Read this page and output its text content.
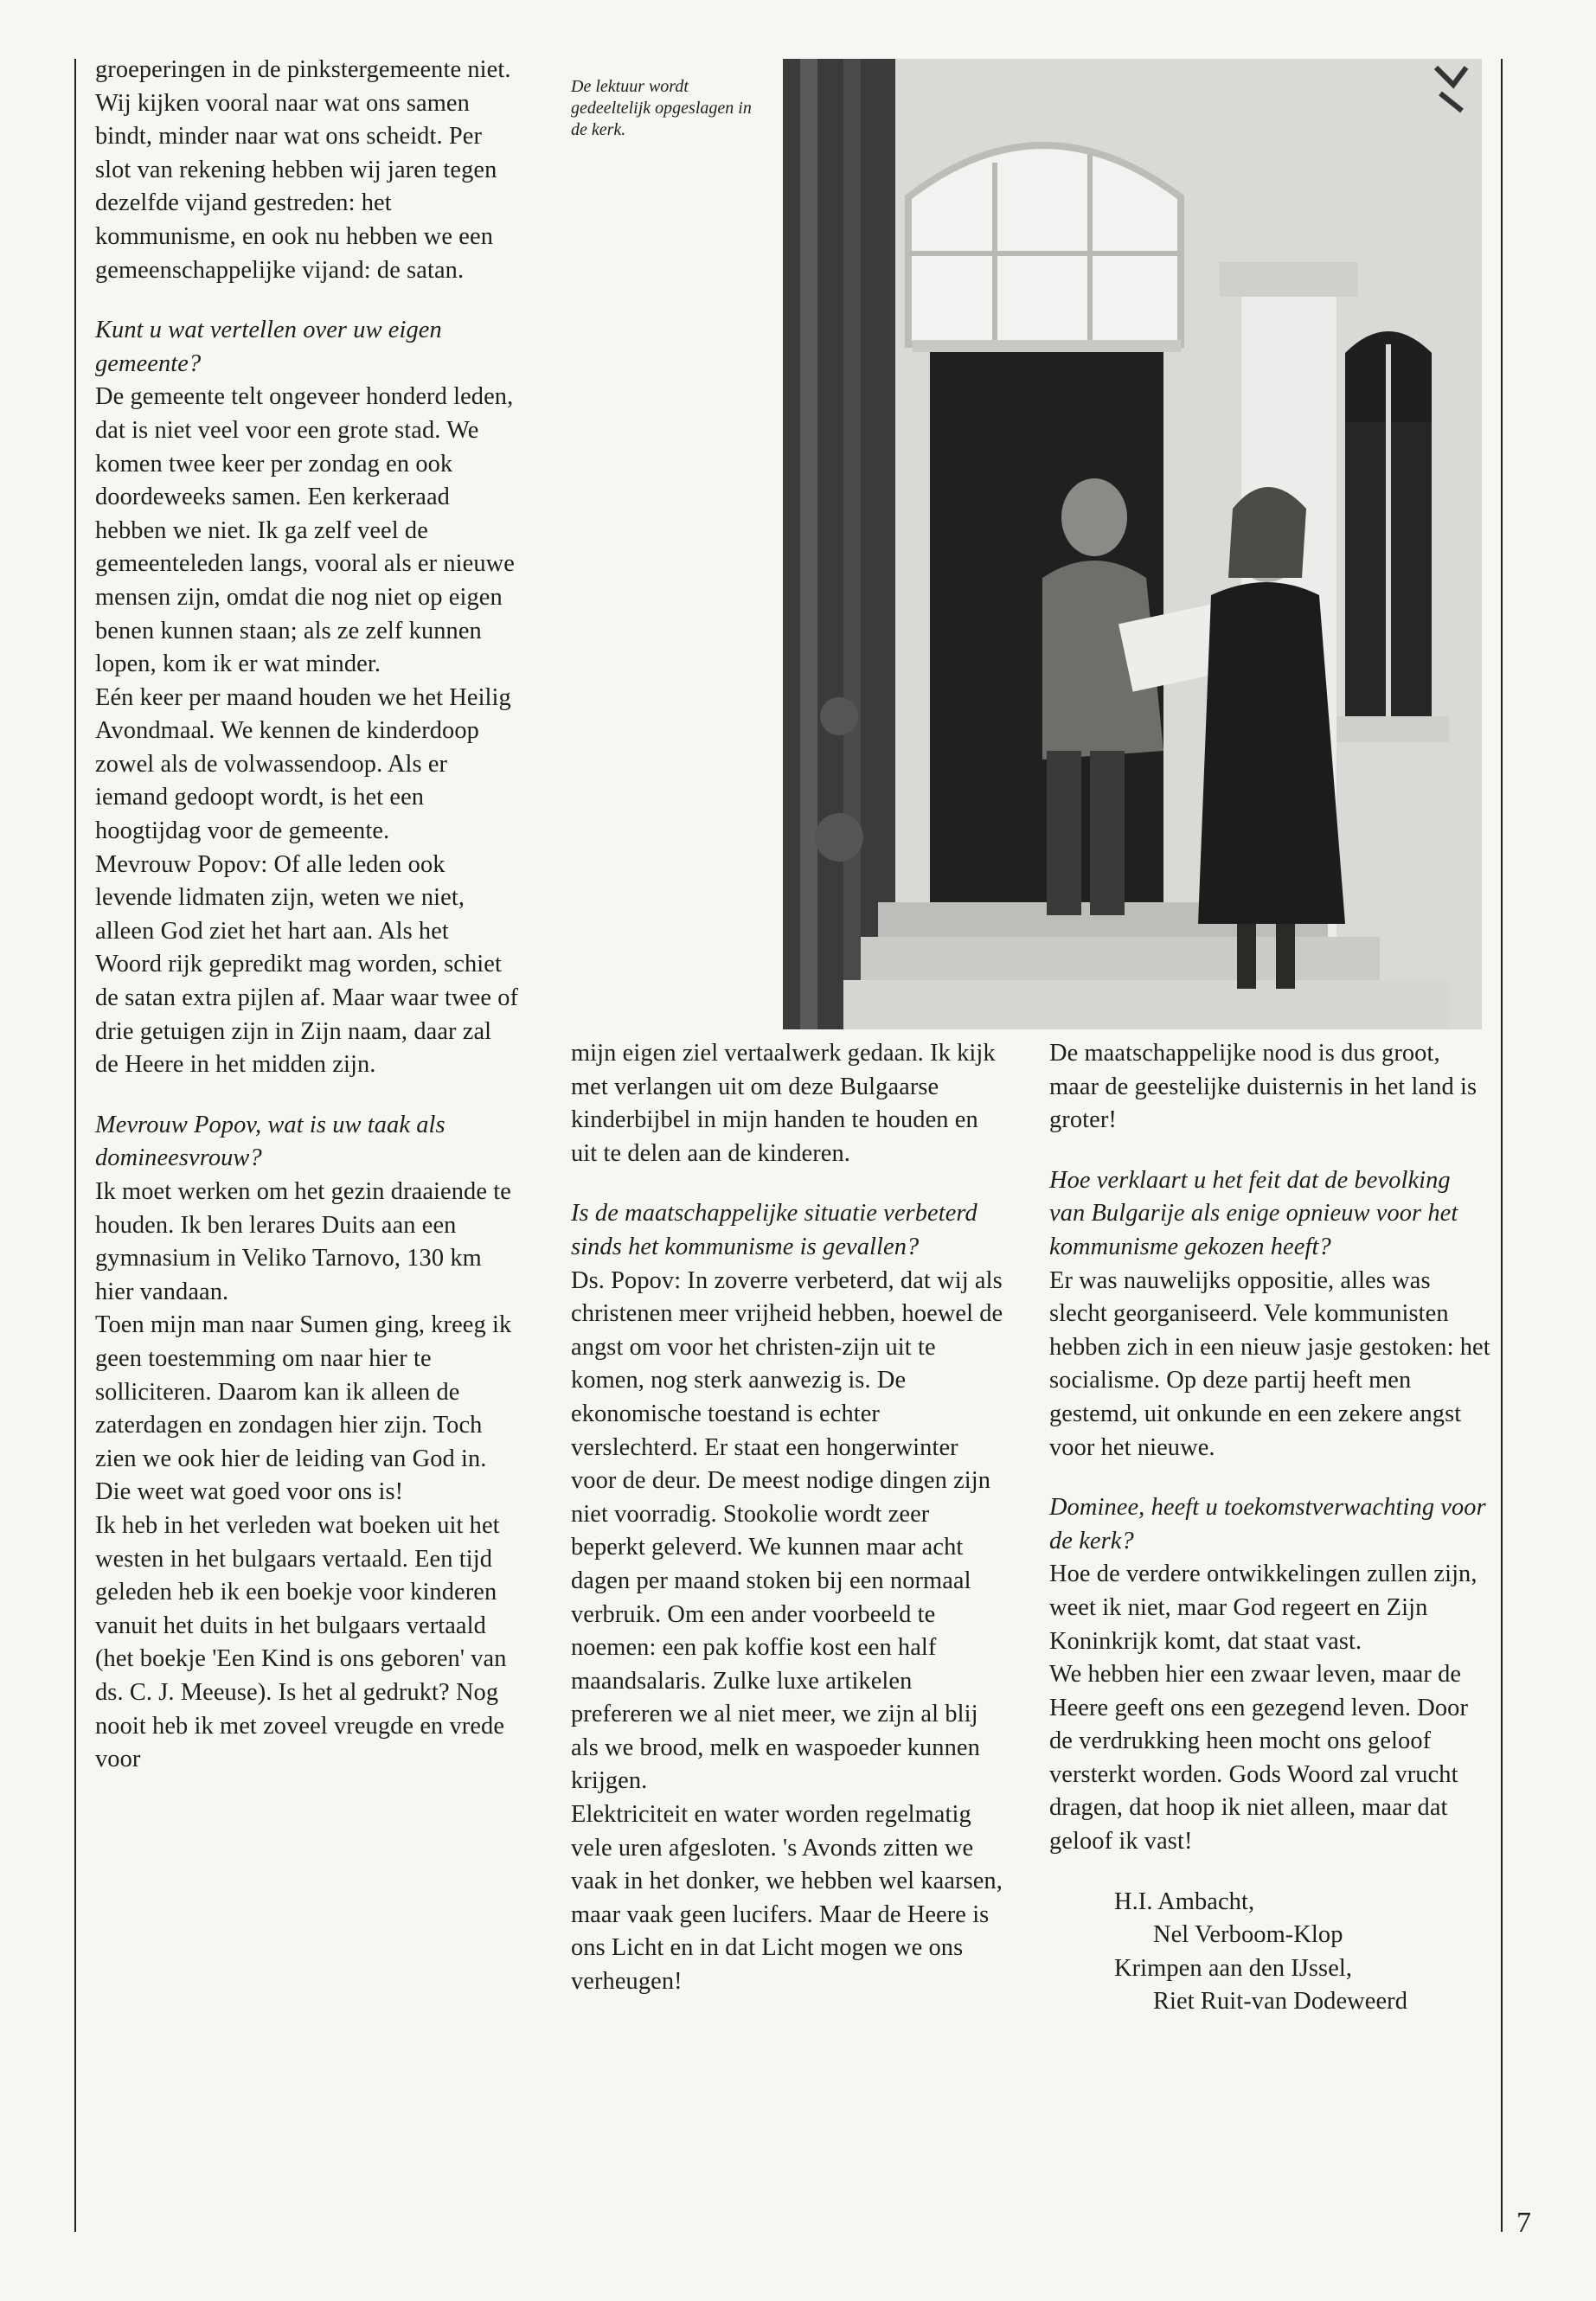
groeperingen in de pinkstergemeente niet. Wij kijken vooral naar wat ons samen bindt, minder naar wat ons scheidt. Per slot van rekening hebben wij jaren tegen dezelfde vijand gestreden: het kommunisme, en ook nu hebben we een gemeenschappelijke vijand: de satan.

Kunt u wat vertellen over uw eigen gemeente?

De gemeente telt ongeveer honderd leden, dat is niet veel voor een grote stad. We komen twee keer per zondag en ook doordeweeks samen. Een kerkeraad hebben we niet. Ik ga zelf veel de gemeenteleden langs, vooral als er nieuwe mensen zijn, omdat die nog niet op eigen benen kunnen staan; als ze zelf kunnen lopen, kom ik er wat minder.

Eén keer per maand houden we het Heilig Avondmaal. We kennen de kinderdoop zowel als de volwassendoop. Als er iemand gedoopt wordt, is het een hoogtijdag voor de gemeente.

Mevrouw Popov: Of alle leden ook levende lidmaten zijn, weten we niet, alleen God ziet het hart aan. Als het Woord rijk gepredikt mag worden, schiet de satan extra pijlen af. Maar waar twee of drie getuigen zijn in Zijn naam, daar zal de Heere in het midden zijn.

Mevrouw Popov, wat is uw taak als domineesvrouw?

Ik moet werken om het gezin draaiende te houden. Ik ben lerares Duits aan een gymnasium in Veliko Tarnovo, 130 km hier vandaan.

Toen mijn man naar Sumen ging, kreeg ik geen toestemming om naar hier te solliciteren. Daarom kan ik alleen de zaterdagen en zondagen hier zijn. Toch zien we ook hier de leiding van God in. Die weet wat goed voor ons is!

Ik heb in het verleden wat boeken uit het westen in het bulgaars vertaald. Een tijd geleden heb ik een boekje voor kinderen vanuit het duits in het bulgaars vertaald (het boekje 'Een Kind is ons geboren' van ds. C. J. Meeuse). Is het al gedrukt? Nog nooit heb ik met zoveel vreugde en vrede voor

De lektuur wordt gedeeltelijk opgeslagen in de kerk.

mijn eigen ziel vertaalwerk gedaan. Ik kijk met verlangen uit om deze Bulgaarse kinderbijbel in mijn handen te houden en uit te delen aan de kinderen.

Is de maatschappelijke situatie verbeterd sinds het kommunisme is gevallen?

Ds. Popov: In zoverre verbeterd, dat wij als christenen meer vrijheid hebben, hoewel de angst om voor het christen-zijn uit te komen, nog sterk aanwezig is. De ekonomische toestand is echter verslechterd. Er staat een hongerwinter voor de deur. De meest nodige dingen zijn niet voorradig. Stookolie wordt zeer beperkt geleverd. We kunnen maar acht dagen per maand stoken bij een normaal verbruik. Om een ander voorbeeld te noemen: een pak koffie kost een half maandsalaris. Zulke luxe artikelen prefereren we al niet meer, we zijn al blij als we brood, melk en waspoeder kunnen krijgen.

Elektriciteit en water worden regelmatig vele uren afgesloten. 's Avonds zitten we vaak in het donker, we hebben wel kaarsen, maar vaak geen lucifers. Maar de Heere is ons Licht en in dat Licht mogen we ons verheugen!

De maatschappelijke nood is dus groot, maar de geestelijke duisternis in het land is groter!

Hoe verklaart u het feit dat de bevolking van Bulgarije als enige opnieuw voor het kommunisme gekozen heeft?

Er was nauwelijks oppositie, alles was slecht georganiseerd. Vele kommunisten hebben zich in een nieuw jasje gestoken: het socialisme. Op deze partij heeft men gestemd, uit onkunde en een zekere angst voor het nieuwe.

Dominee, heeft u toekomstverwachting voor de kerk?

Hoe de verdere ontwikkelingen zullen zijn, weet ik niet, maar God regeert en Zijn Koninkrijk komt, dat staat vast.

We hebben hier een zwaar leven, maar de Heere geeft ons een gezegend leven. Door de verdrukking heen mocht ons geloof versterkt worden. Gods Woord zal vrucht dragen, dat hoop ik niet alleen, maar dat geloof ik vast!

H.I. Ambacht,
Nel Verboom-Klop
Krimpen aan den IJssel,
Riet Ruit-van Dodeweerd
7
